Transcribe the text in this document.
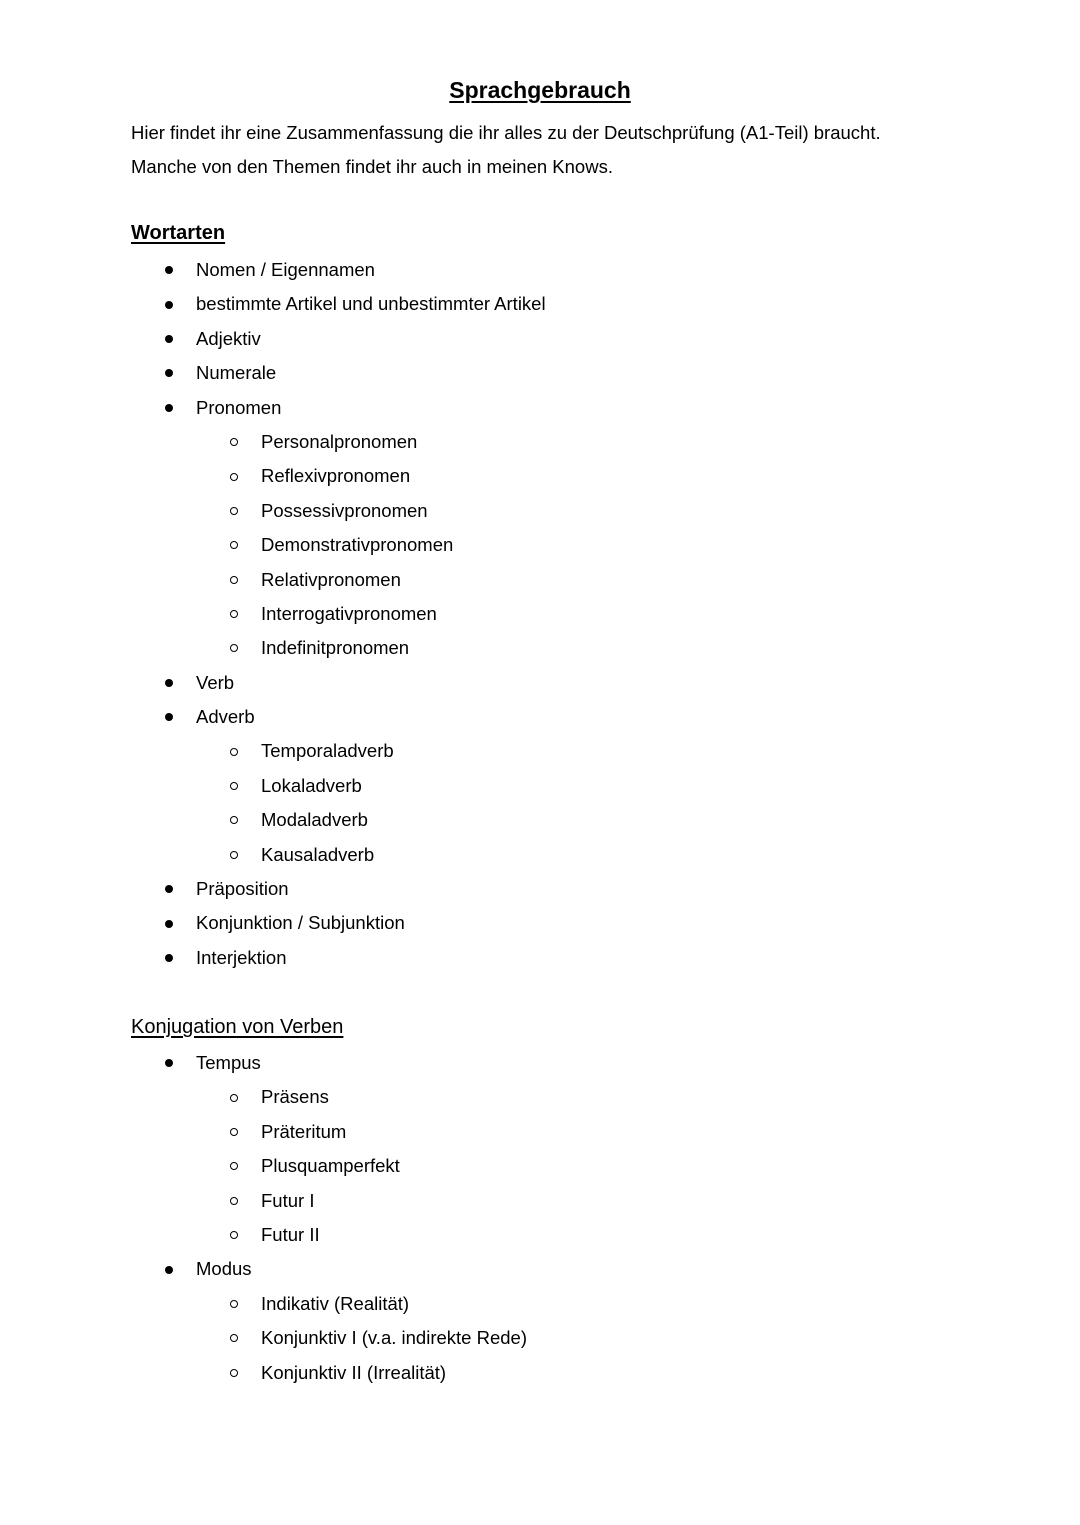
Sprachgebrauch

Hier findet ihr eine Zusammenfassung die ihr alles zu der Deutschprüfung (A1-Teil) braucht.

Manche von den Themen findet ihr auch in meinen Knows.

Wortarten
Nomen / Eigennamen
bestimmte Artikel und unbestimmter Artikel
Adjektiv
Numerale
Pronomen
Personalpronomen
Reflexivpronomen
Possessivpronomen
Demonstrativpronomen
Relativpronomen
Interrogativpronomen
Indefinitpronomen
Verb
Adverb
Temporaladverb
Lokaladverb
Modaladverb
Kausaladverb
Präposition
Konjunktion / Subjunktion
Interjektion
Konjugation von Verben
Tempus
Präsens
Präteritum
Plusquamperfekt
Futur I
Futur II
Modus
Indikativ (Realität)
Konjunktiv I (v.a. indirekte Rede)
Konjunktiv II (Irrealität)
